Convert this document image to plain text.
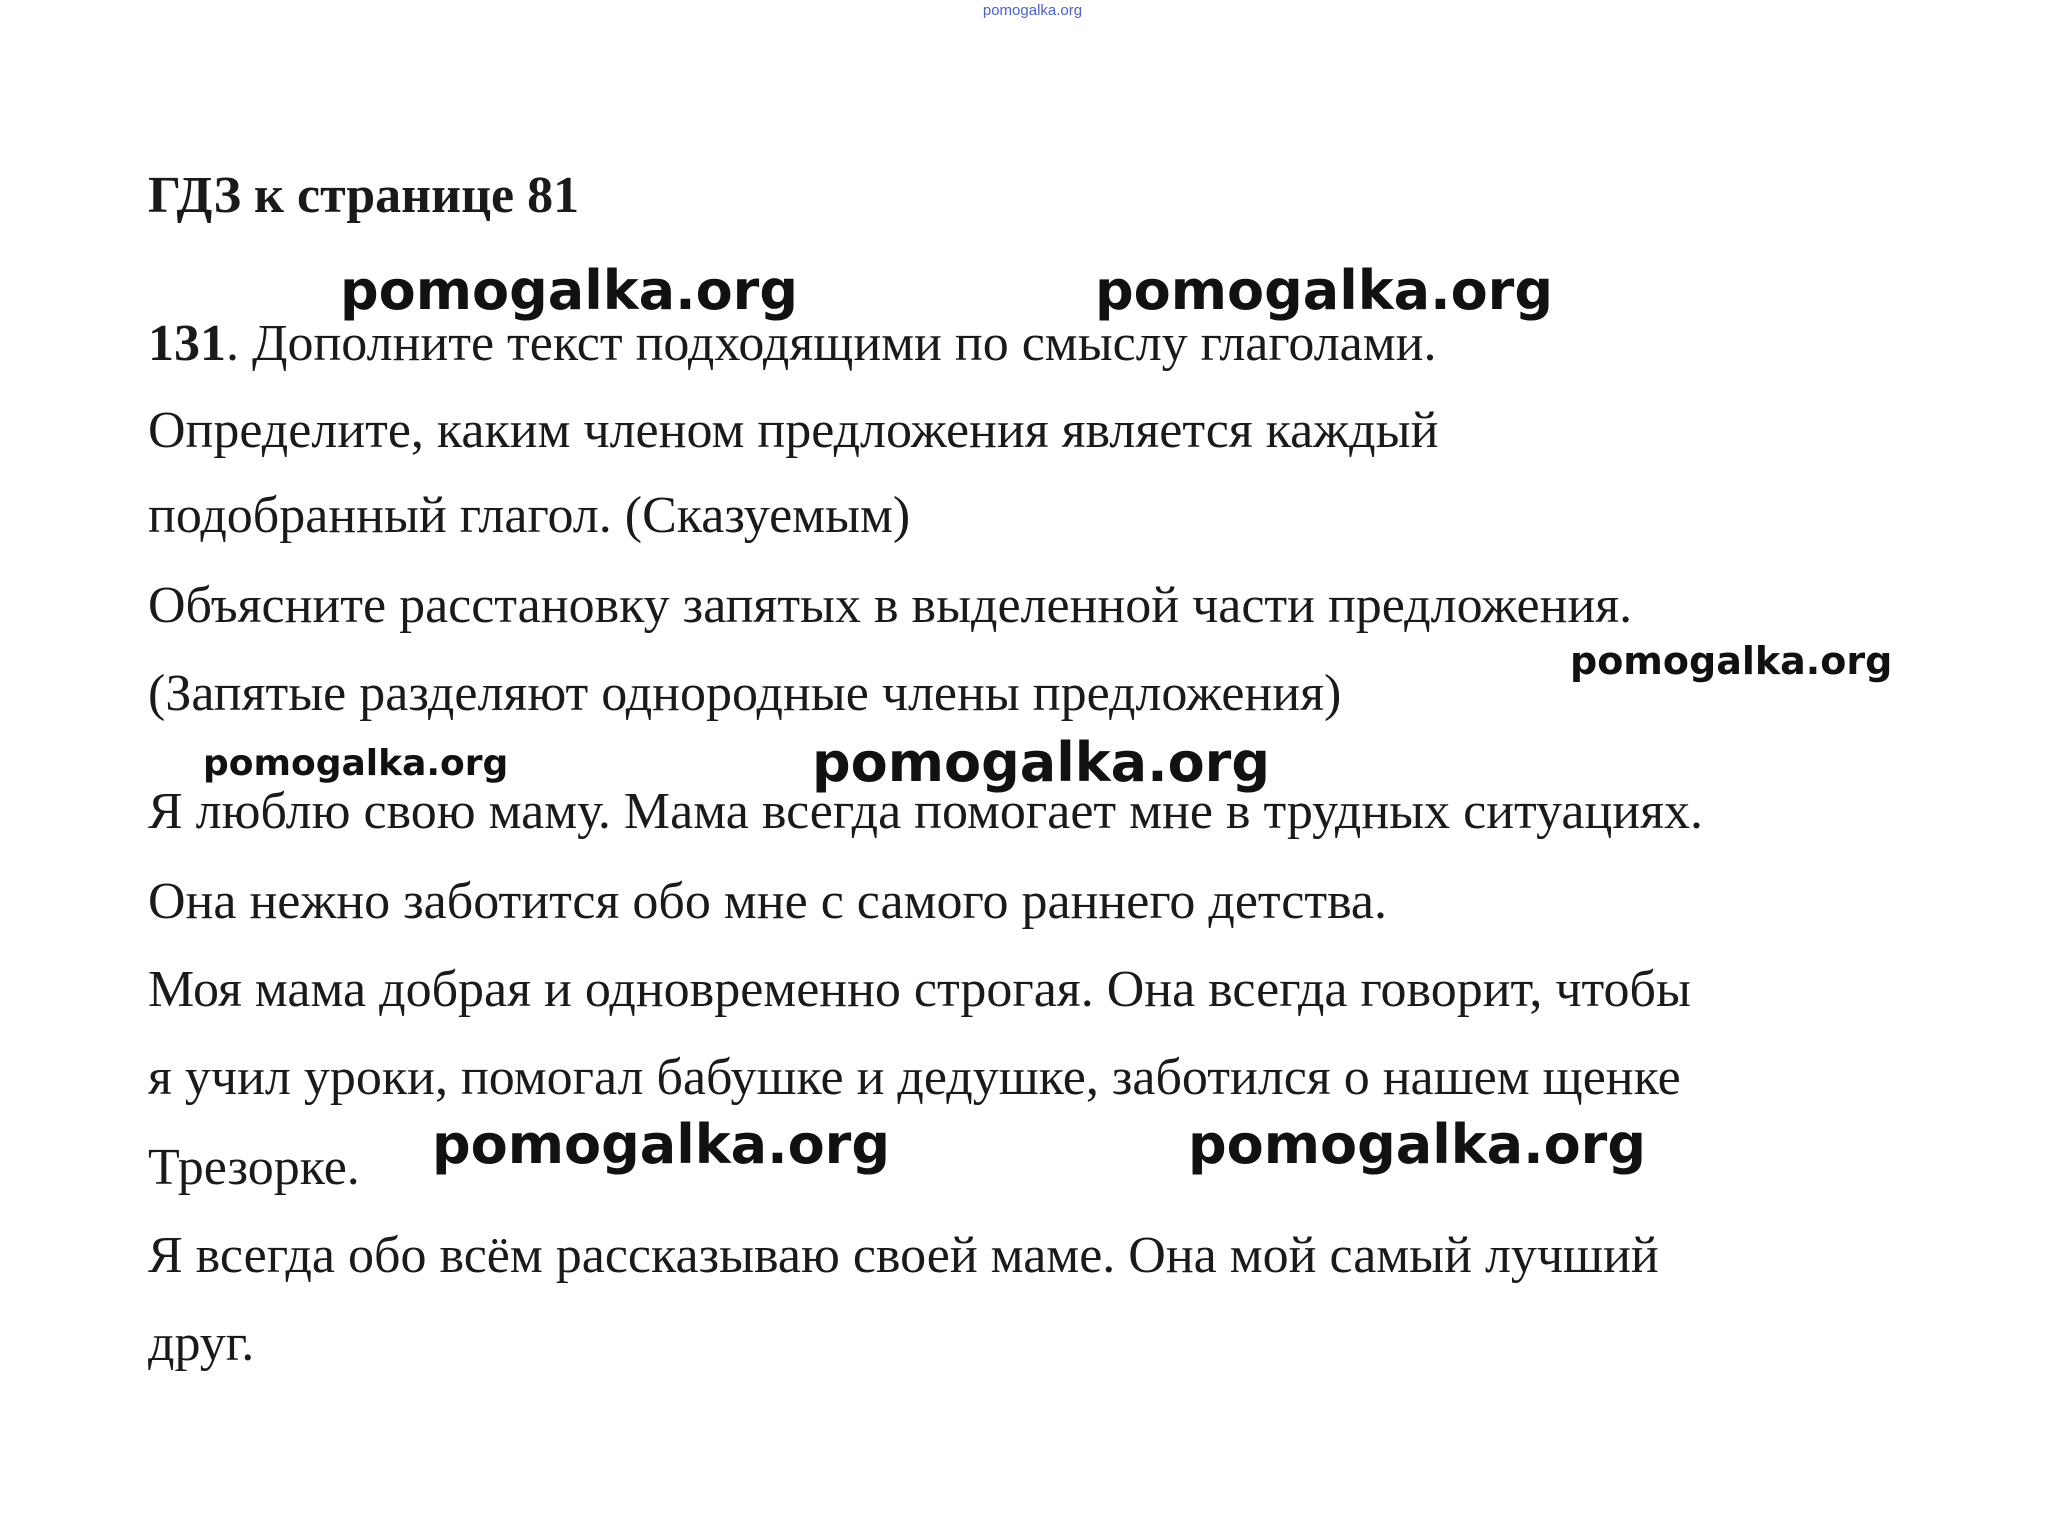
pomogalka.org
ГДЗ к странице 81
131. Дополните текст подходящими по смыслу глаголами.
Определите, каким членом предложения является каждый
подобранный глагол. (Сказуемым)
Объясните расстановку запятых в выделенной части предложения.
(Запятые разделяют однородные члены предложения)
Я люблю свою маму. Мама всегда помогает мне в трудных ситуациях.
Она нежно заботится обо мне с самого раннего детства.
Моя мама добрая и одновременно строгая. Она всегда говорит, чтобы
я учил уроки, помогал бабушке и дедушке, заботился о нашем щенке
Трезорке.
Я всегда обо всём рассказываю своей маме. Она мой самый лучший
друг.
pomogalka.org	pomogalka.org
pomogalka.org
pomogalka.org	pomogalka.org
pomogalka.org	pomogalka.org
